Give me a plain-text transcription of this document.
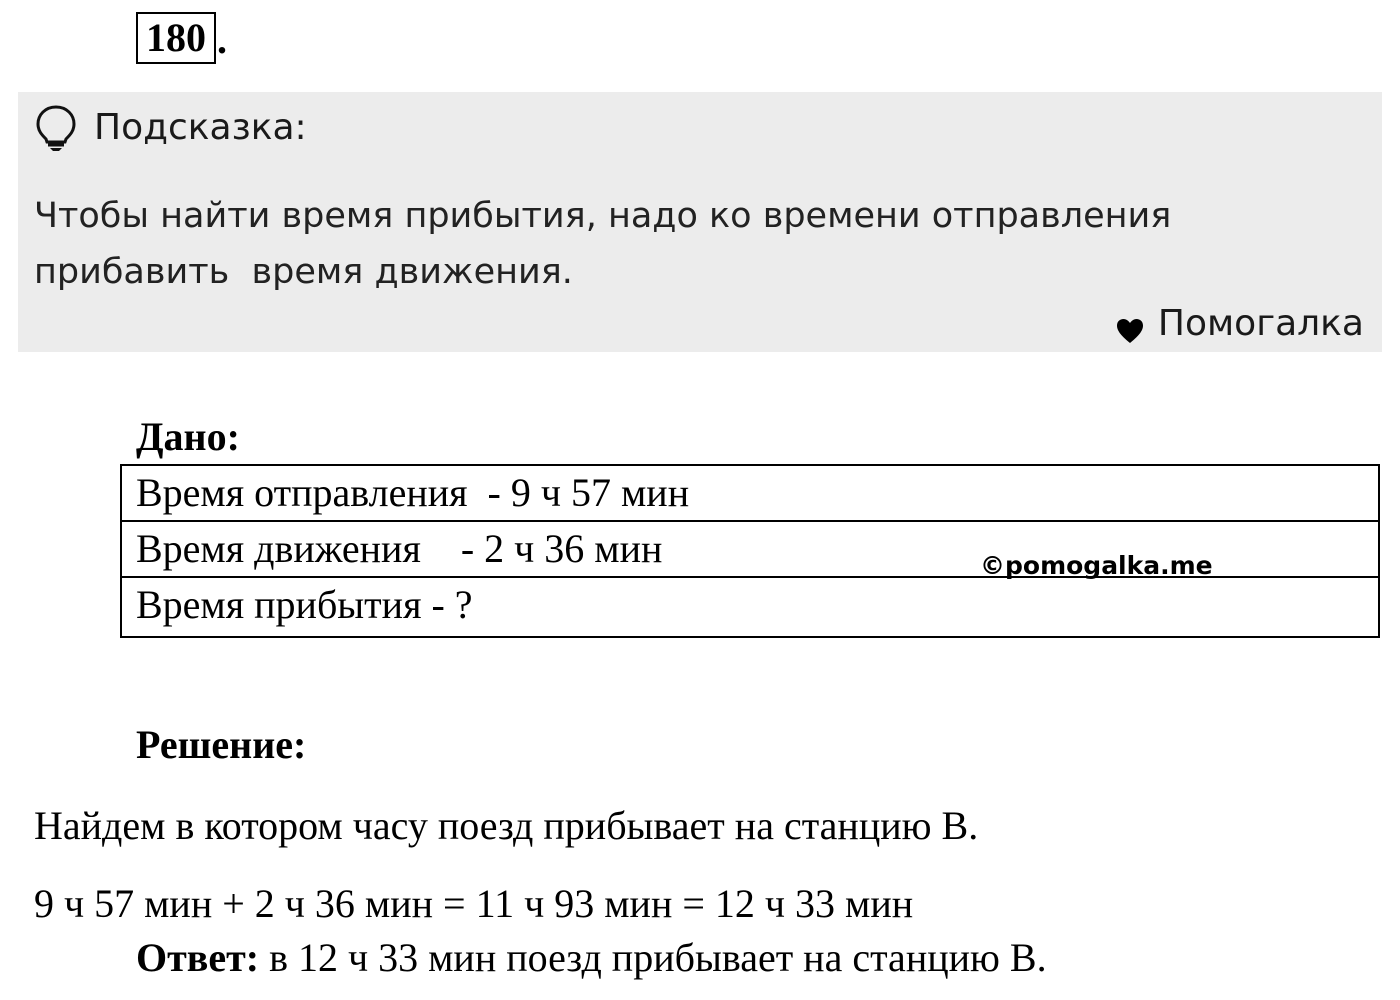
180 .
Подсказка:

Чтобы найти время прибытия, надо ко времени отправления

прибавить  время движения.

Помогалка
Дано:
Время отправления  - 9 ч 57 мин
Время движения    - 2 ч 36 мин
Время прибытия - ?
©pomogalka.me
Решение:
Найдем в котором часу поезд прибывает на станцию В.
9 ч 57 мин + 2 ч 36 мин = 11 ч 93 мин = 12 ч 33 мин
Ответ: в 12 ч 33 мин поезд прибывает на станцию В.
